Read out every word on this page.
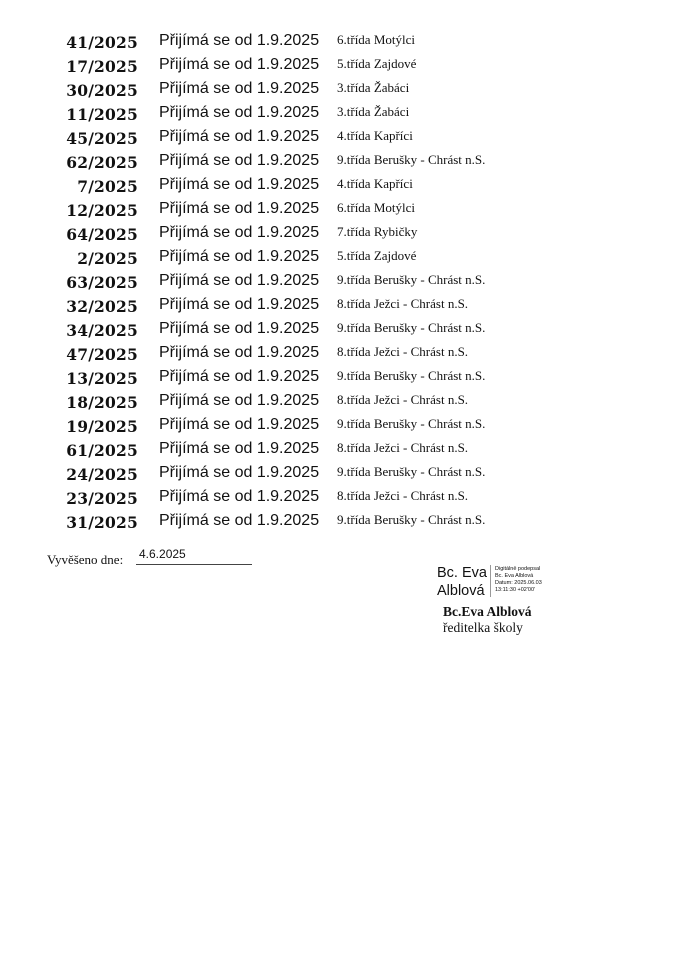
41/2025 Přijímá se od 1.9.2025 6.třída Motýlci
17/2025 Přijímá se od 1.9.2025 5.třída Zajdové
30/2025 Přijímá se od 1.9.2025 3.třída Žabáci
11/2025 Přijímá se od 1.9.2025 3.třída Žabáci
45/2025 Přijímá se od 1.9.2025 4.třída Kapříci
62/2025 Přijímá se od 1.9.2025 9.třída Berušky - Chrást n.S.
7/2025 Přijímá se od 1.9.2025 4.třída Kapříci
12/2025 Přijímá se od 1.9.2025 6.třída Motýlci
64/2025 Přijímá se od 1.9.2025 7.třída Rybičky
2/2025 Přijímá se od 1.9.2025 5.třída Zajdové
63/2025 Přijímá se od 1.9.2025 9.třída Berušky - Chrást n.S.
32/2025 Přijímá se od 1.9.2025 8.třída Ježci - Chrást n.S.
34/2025 Přijímá se od 1.9.2025 9.třída Berušky - Chrást n.S.
47/2025 Přijímá se od 1.9.2025 8.třída Ježci - Chrást n.S.
13/2025 Přijímá se od 1.9.2025 9.třída Berušky - Chrást n.S.
18/2025 Přijímá se od 1.9.2025 8.třída Ježci - Chrást n.S.
19/2025 Přijímá se od 1.9.2025 9.třída Berušky - Chrást n.S.
61/2025 Přijímá se od 1.9.2025 8.třída Ježci - Chrást n.S.
24/2025 Přijímá se od 1.9.2025 9.třída Berušky - Chrást n.S.
23/2025 Přijímá se od 1.9.2025 8.třída Ježci - Chrást n.S.
31/2025 Přijímá se od 1.9.2025 9.třída Berušky - Chrást n.S.
Vyvěšeno dne: 4.6.2025
Bc. Eva
Alblová
Digitálně podepsal
Bc. Eva Alblová
Datum: 2025.06.03
13:11:30 +02'00'
Bc.Eva Alblová
ředitelka školy
